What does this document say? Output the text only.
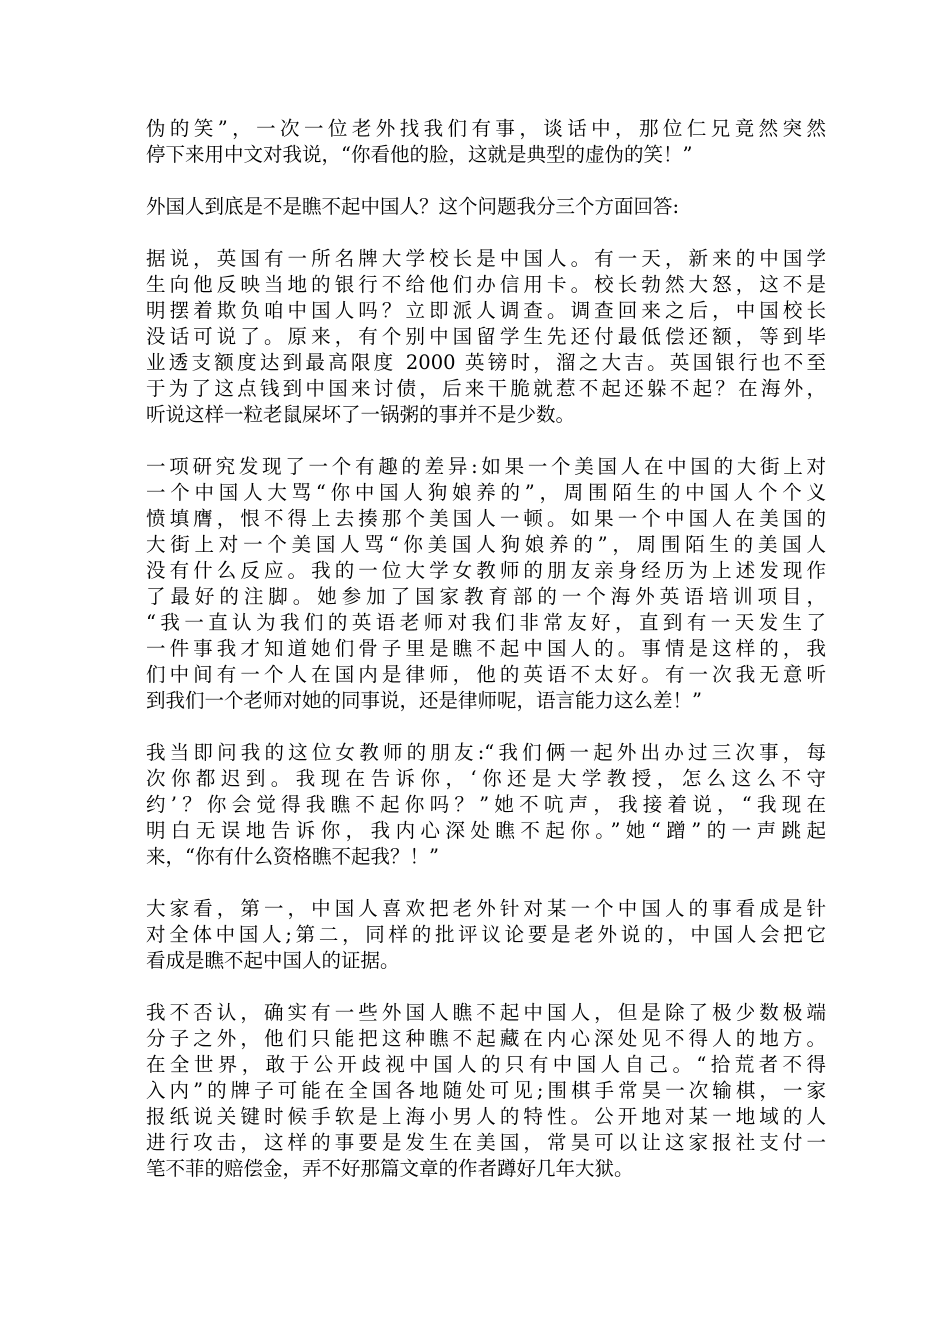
伪的笑”，一次一位老外找我们有事，谈话中，那位仁兄竟然突然
停下来用中文对我说，“你看他的脸，这就是典型的虚伪的笑！”

外国人到底是不是瞧不起中国人？这个问题我分三个方面回答:

据说，英国有一所名牌大学校长是中国人。有一天，新来的中国学
生向他反映当地的银行不给他们办信用卡。校长勃然大怒，这不是
明摆着欺负咱中国人吗？立即派人调查。调查回来之后，中国校长
没话可说了。原来，有个别中国留学生先还付最低偿还额，等到毕
业透支额度达到最高限度 2000 英镑时，溜之大吉。英国银行也不至
于为了这点钱到中国来讨债，后来干脆就惹不起还躲不起？在海外，
听说这样一粒老鼠屎坏了一锅粥的事并不是少数。

一项研究发现了一个有趣的差异:如果一个美国人在中国的大街上对
一个中国人大骂“你中国人狗娘养的”，周围陌生的中国人个个义
愤填膺，恨不得上去揍那个美国人一顿。如果一个中国人在美国的
大街上对一个美国人骂“你美国人狗娘养的”，周围陌生的美国人
没有什么反应。我的一位大学女教师的朋友亲身经历为上述发现作
了最好的注脚。她参加了国家教育部的一个海外英语培训项目，
“我一直认为我们的英语老师对我们非常友好，直到有一天发生了
一件事我才知道她们骨子里是瞧不起中国人的。事情是这样的，我
们中间有一个人在国内是律师，他的英语不太好。有一次我无意听
到我们一个老师对她的同事说，还是律师呢，语言能力这么差！”

我当即问我的这位女教师的朋友:“我们俩一起外出办过三次事，每
次你都迟到。我现在告诉你，‘你还是大学教授，怎么这么不守
约’？你会觉得我瞧不起你吗？”她不吭声，我接着说，“我现在
明白无误地告诉你，我内心深处瞧不起你。”她“蹭”的一声跳起
来，“你有什么资格瞧不起我？！”

大家看，第一，中国人喜欢把老外针对某一个中国人的事看成是针
对全体中国人;第二，同样的批评议论要是老外说的，中国人会把它
看成是瞧不起中国人的证据。

我不否认，确实有一些外国人瞧不起中国人，但是除了极少数极端
分子之外，他们只能把这种瞧不起藏在内心深处见不得人的地方。
在全世界，敢于公开歧视中国人的只有中国人自己。“拾荒者不得
入内”的牌子可能在全国各地随处可见;围棋手常昊一次输棋，一家
报纸说关键时候手软是上海小男人的特性。公开地对某一地域的人
进行攻击，这样的事要是发生在美国，常昊可以让这家报社支付一
笔不菲的赔偿金，弄不好那篇文章的作者蹲好几年大狱。
